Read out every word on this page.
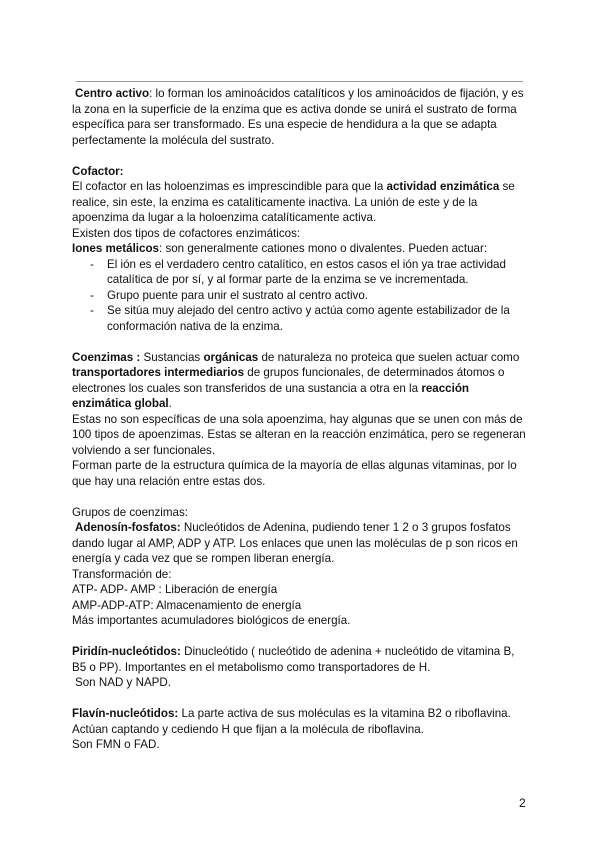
Centro activo: lo forman los aminoácidos catalíticos y los aminoácidos de fijación, y es la zona en la superficie de la enzima que es activa donde se unirá el sustrato de forma específica para ser transformado. Es una especie de hendidura a la que se adapta perfectamente la molécula del sustrato.

Cofactor:

El cofactor en las holoenzimas es imprescindible para que la actividad enzimática se realice, sin este, la enzima es catalíticamente inactiva. La unión de este y de la apoenzima da lugar a la holoenzima catalíticamente activa.

Existen dos tipos de cofactores enzimáticos:

Iones metálicos: son generalmente cationes mono o divalentes. Pueden actuar:

- El ión es el verdadero centro catalítico, en estos casos el ión ya trae actividad catalítica de por sí, y al formar parte de la enzima se ve incrementada.
- Grupo puente para unir el sustrato al centro activo.
- Se sitúa muy alejado del centro activo y actúa como agente estabilizador de la conformación nativa de la enzima.

Coenzimas : Sustancias orgánicas de naturaleza no proteica que suelen actuar como transportadores intermediarios de grupos funcionales, de determinados átomos o electrones los cuales son transferidos de una sustancia a otra en la reacción enzimática global.

Estas no son específicas de una sola apoenzima, hay algunas que se unen con más de 100 tipos de apoenzimas. Estas se alteran en la reacción enzimática, pero se regeneran volviendo a ser funcionales.

Forman parte de la estructura química de la mayoría de ellas algunas vitaminas, por lo que hay una relación entre estas dos.

Grupos de coenzimas:

Adenosín-fosfatos: Nucleótidos de Adenina, pudiendo tener 1 2 o 3 grupos fosfatos dando lugar al AMP, ADP y ATP. Los enlaces que unen las moléculas de p son ricos en energía y cada vez que se rompen liberan energía.

Transformación de:

ATP- ADP- AMP : Liberación de energía

AMP-ADP-ATP: Almacenamiento de energía

Más importantes acumuladores biológicos de energía.

Piridín-nucleótidos: Dinucleótido ( nucleótido de adenina + nucleótido de vitamina B, B5 o PP). Importantes en el metabolismo como transportadores de H.

Son NAD y NAPD.

Flavín-nucleótidos: La parte activa de sus moléculas es la vitamina B2 o riboflavina. Actúan captando y cediendo H que fijan a la molécula de riboflavina.

Son FMN o FAD.

2
